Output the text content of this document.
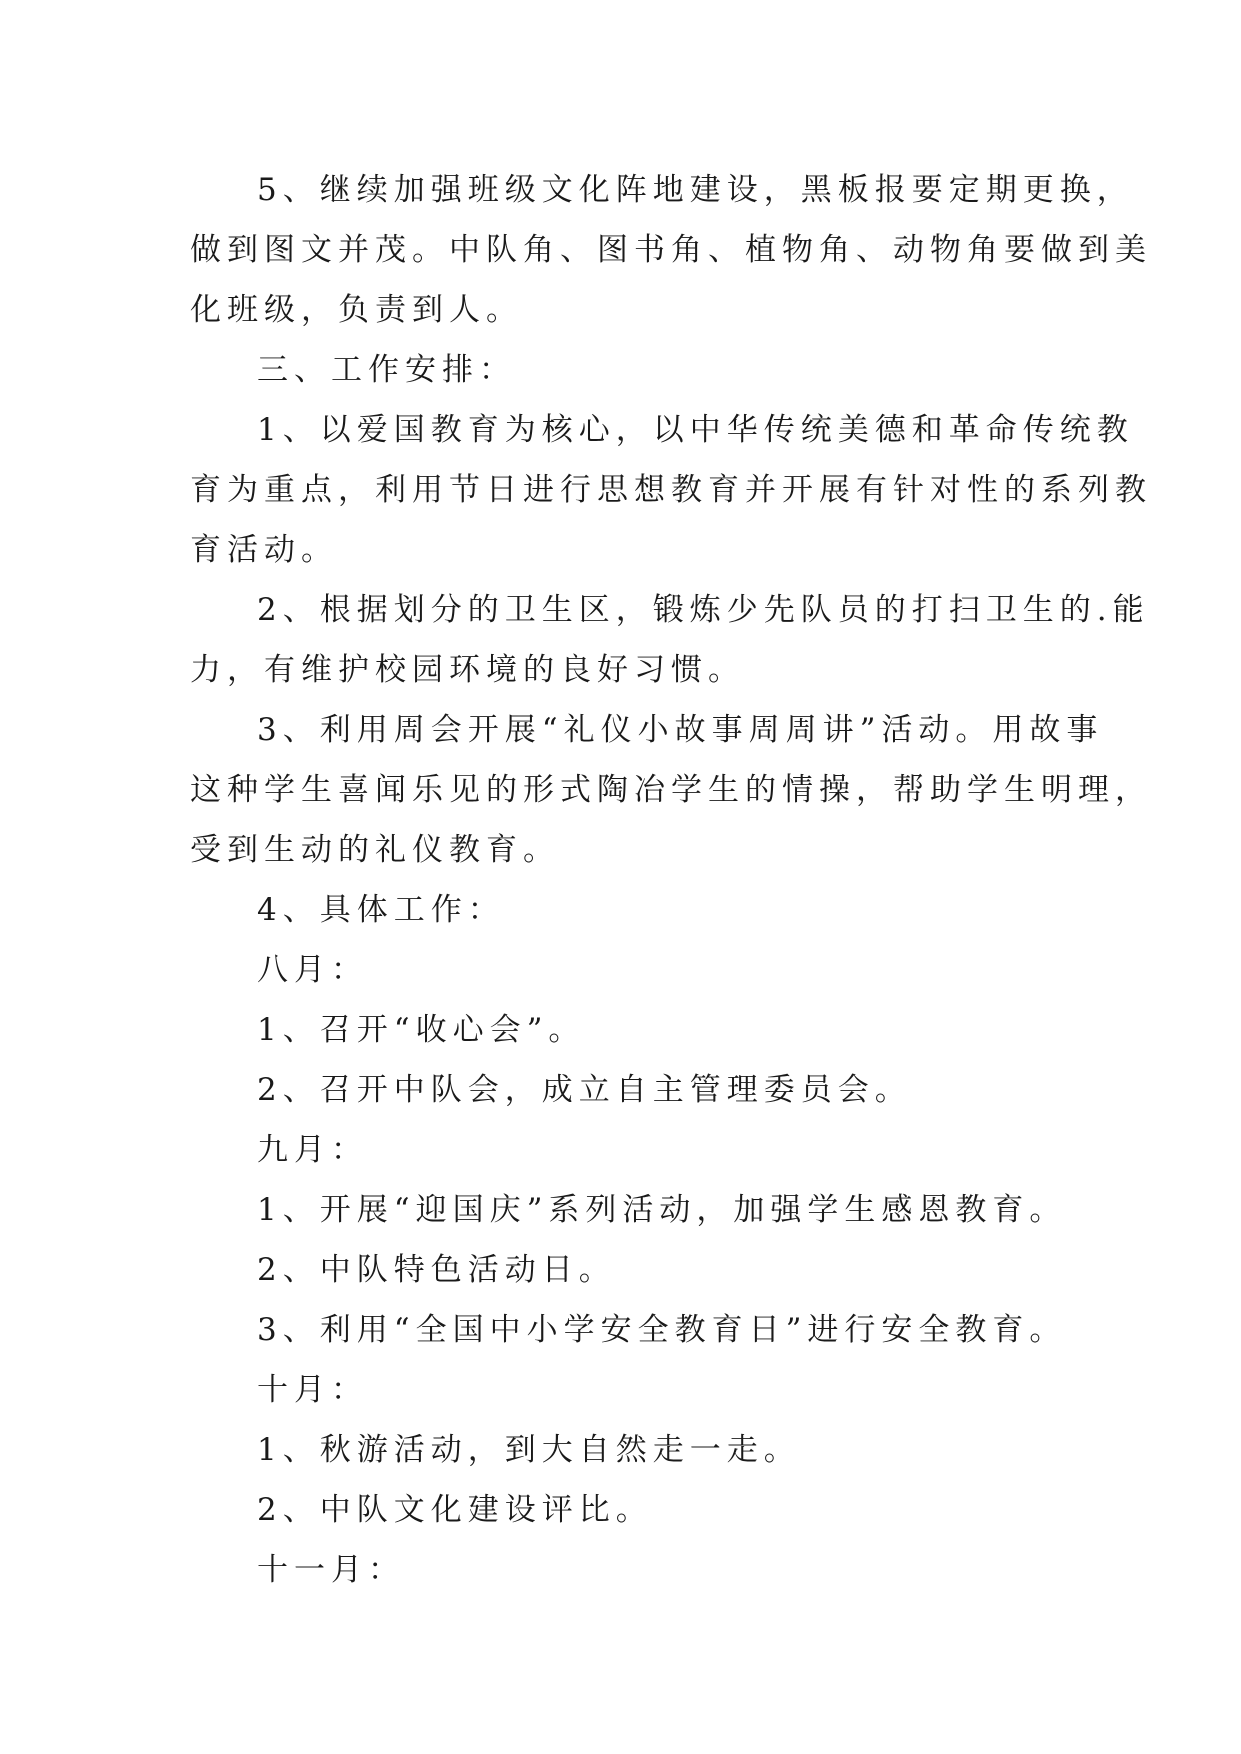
5、继续加强班级文化阵地建设，黑板报要定期更换，
做到图文并茂。中队角、图书角、植物角、动物角要做到美
化班级，负责到人。
三、工作安排：
1、以爱国教育为核心，以中华传统美德和革命传统教
育为重点，利用节日进行思想教育并开展有针对性的系列教
育活动。
2、根据划分的卫生区，锻炼少先队员的打扫卫生的.能
力，有维护校园环境的良好习惯。
3、利用周会开展“礼仪小故事周周讲”活动。用故事
这种学生喜闻乐见的形式陶冶学生的情操，帮助学生明理，
受到生动的礼仪教育。
4、具体工作：
八月：
1、召开“收心会”。
2、召开中队会，成立自主管理委员会。
九月：
1、开展“迎国庆”系列活动，加强学生感恩教育。
2、中队特色活动日。
3、利用“全国中小学安全教育日”进行安全教育。
十月：
1、秋游活动，到大自然走一走。
2、中队文化建设评比。
十一月：
